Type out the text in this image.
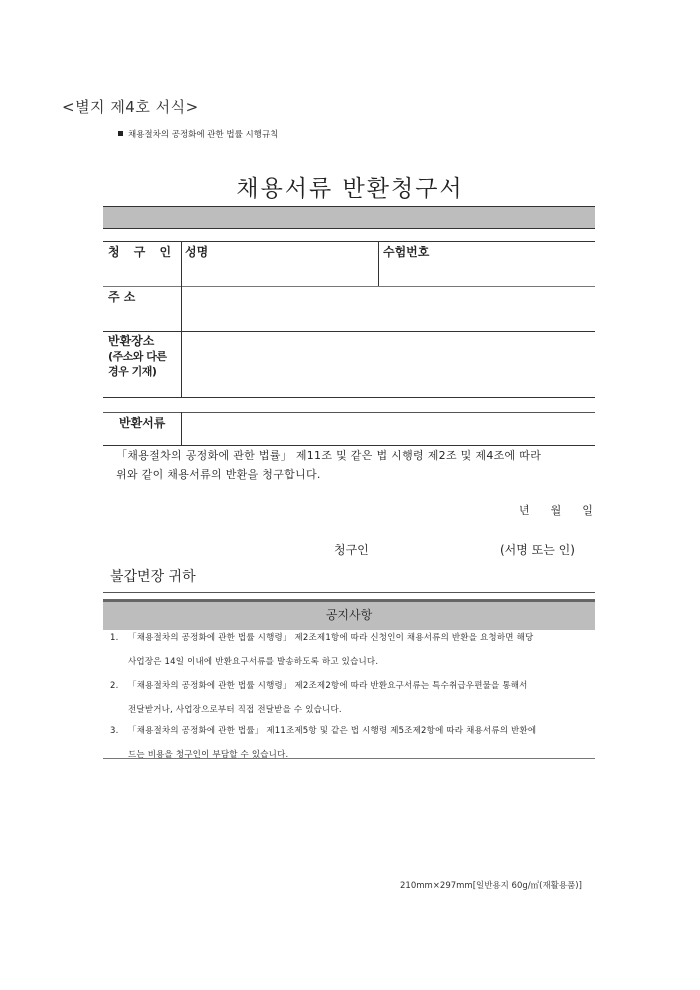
<별지 제4호 서식>
채용절차의 공정화에 관한 법률 시행규칙
채용서류 반환청구서
청 구 인 성명	수험번호
주 소
반환장소
(주소와 다른
경우 기재)
반환서류
「채용절차의 공정화에 관한 법률」 제11조 및 같은 법 시행령 제2조 및 제4조에 따라
위와 같이 채용서류의 반환을 청구합니다.
년 월 일
청구인	(서명 또는 인)
불갑면장 귀하
공지사항
1. 「채용절차의 공정화에 관한 법률 시행령」 제2조제1항에 따라 신청인이 채용서류의 반환을 요청하면 해당
사업장은 14일 이내에 반환요구서류를 발송하도록 하고 있습니다.
2. 「채용절차의 공정화에 관한 법률 시행령」 제2조제2항에 따라 반환요구서류는 특수취급우편물을 통해서
전달받거나, 사업장으로부터 직접 전달받을 수 있습니다.
3. 「채용절차의 공정화에 관한 법률」 제11조제5항 및 같은 법 시행령 제5조제2항에 따라 채용서류의 반환에
드는 비용을 청구인이 부담할 수 있습니다.
210mm×297mm[일반용지 60g/㎡(재활용품)]
